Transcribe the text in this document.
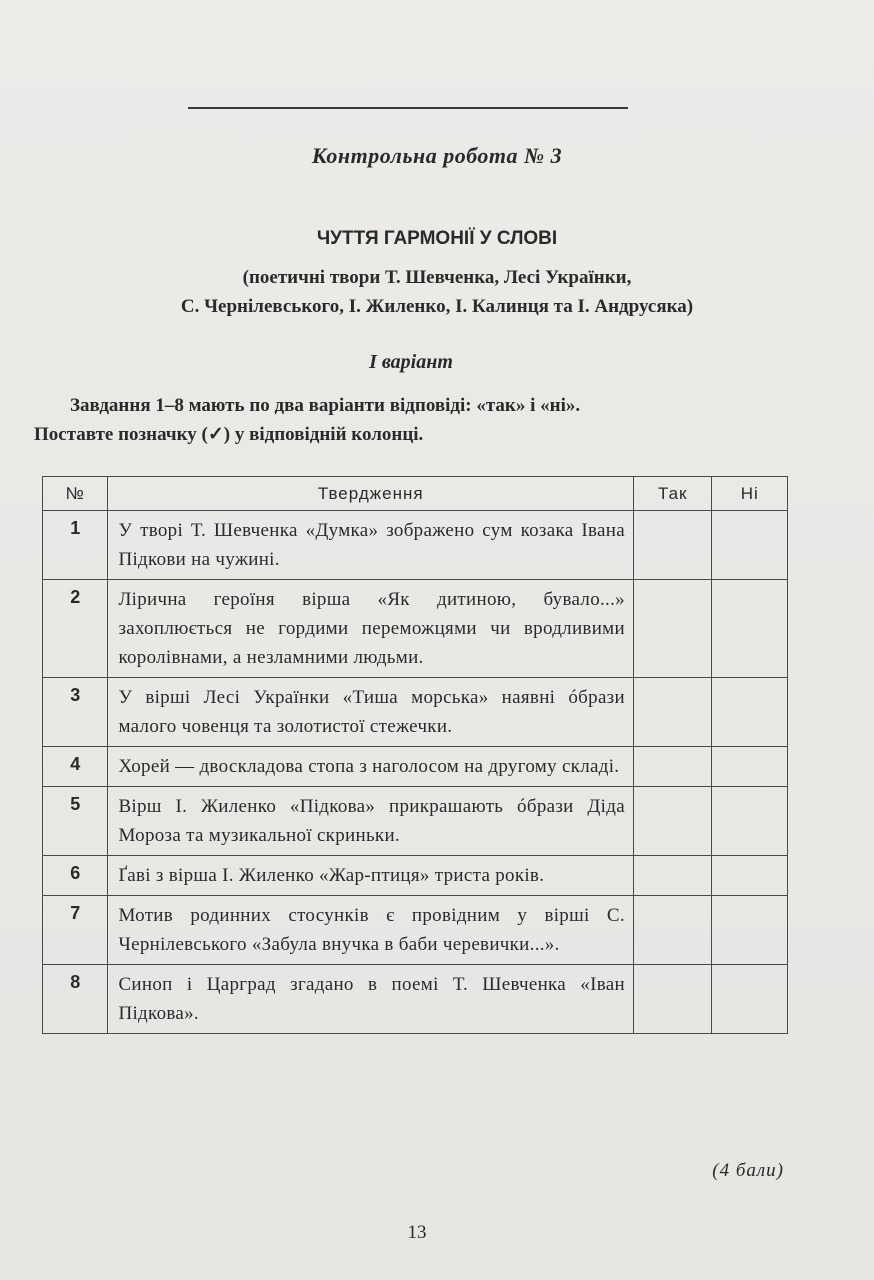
Контрольна робота № 3
ЧУТТЯ ГАРМОНІЇ У СЛОВІ
(поетичні твори Т. Шевченка, Лесі Українки,
С. Чернілевського, І. Жиленко, І. Калинця та І. Андрусяка)
І варіант

Завдання 1–8 мають по два варіанти відповіді: «так» і «ні».

Поставте позначку (✓) у відповідній колонці.

№	Твердження	Так	Ні
1	У творі Т. Шевченка «Думка» зображено сум козака Івана Підкови на чужині.		
2	Лірична героїня вірша «Як дитиною, бувало...» захоплюється не гордими переможцями чи вродливими королівнами, а незламними людьми.		
3	У вірші Лесі Українки «Тиша морська» наявні óбрази малого човенця та золотистої стежечки.		
4	Хорей — двоскладова стопа з наголосом на другому складі.		
5	Вірш І. Жиленко «Підкова» прикрашають óбрази Діда Мороза та музикальної скриньки.		
6	Ґаві з вірша І. Жиленко «Жар-птиця» триста років.		
7	Мотив родинних стосунків є провідним у вірші С. Чернілевського «Забула внучка в баби черевички...».		
8	Синоп і Царград згадано в поемі Т. Шевченка «Іван Підкова».		
(4 бали)
13
